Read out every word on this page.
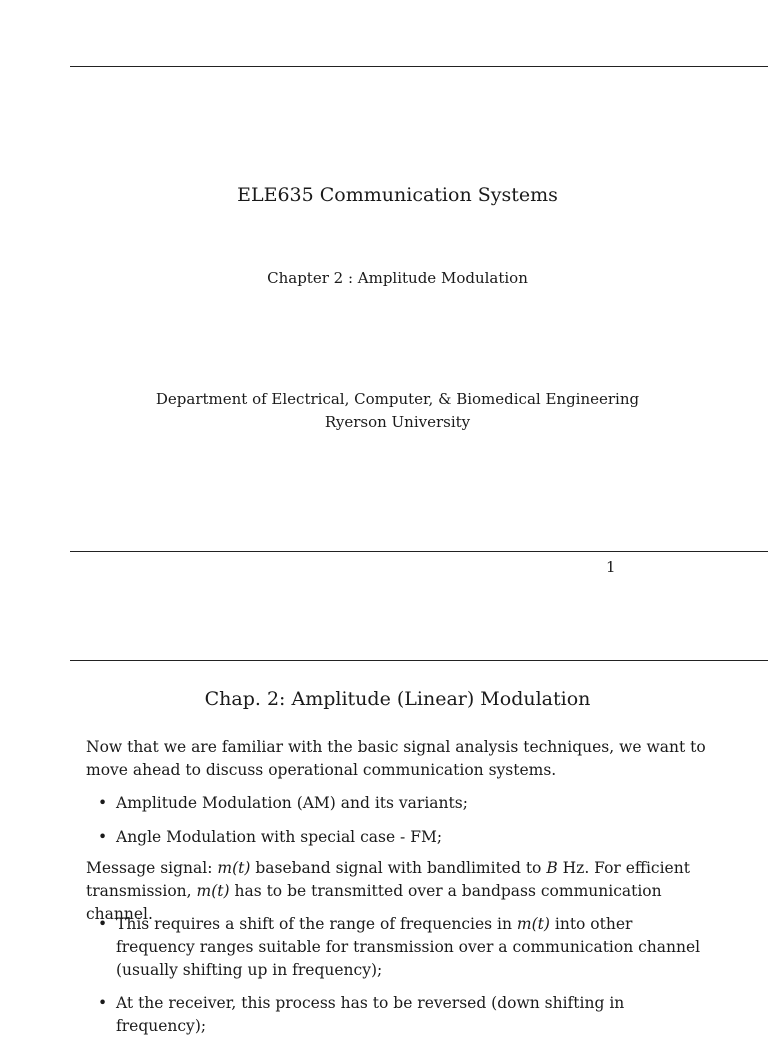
ELE635 Communication Systems
Chapter 2 : Amplitude Modulation
Department of Electrical, Computer, & Biomedical Engineering
Ryerson University
1
Chap. 2: Amplitude (Linear) Modulation

Now that we are familiar with the basic signal analysis techniques, we want to move ahead to discuss operational communication systems.

• Amplitude Modulation (AM) and its variants;
• Angle Modulation with special case - FM;

Message signal: m(t) baseband signal with bandlimited to B Hz. For efficient transmission, m(t) has to be transmitted over a bandpass communication channel.

• This requires a shift of the range of frequencies in m(t) into other frequency ranges suitable for transmission over a communication channel (usually shifting up in frequency);
• At the receiver, this process has to be reversed (down shifting in frequency);
